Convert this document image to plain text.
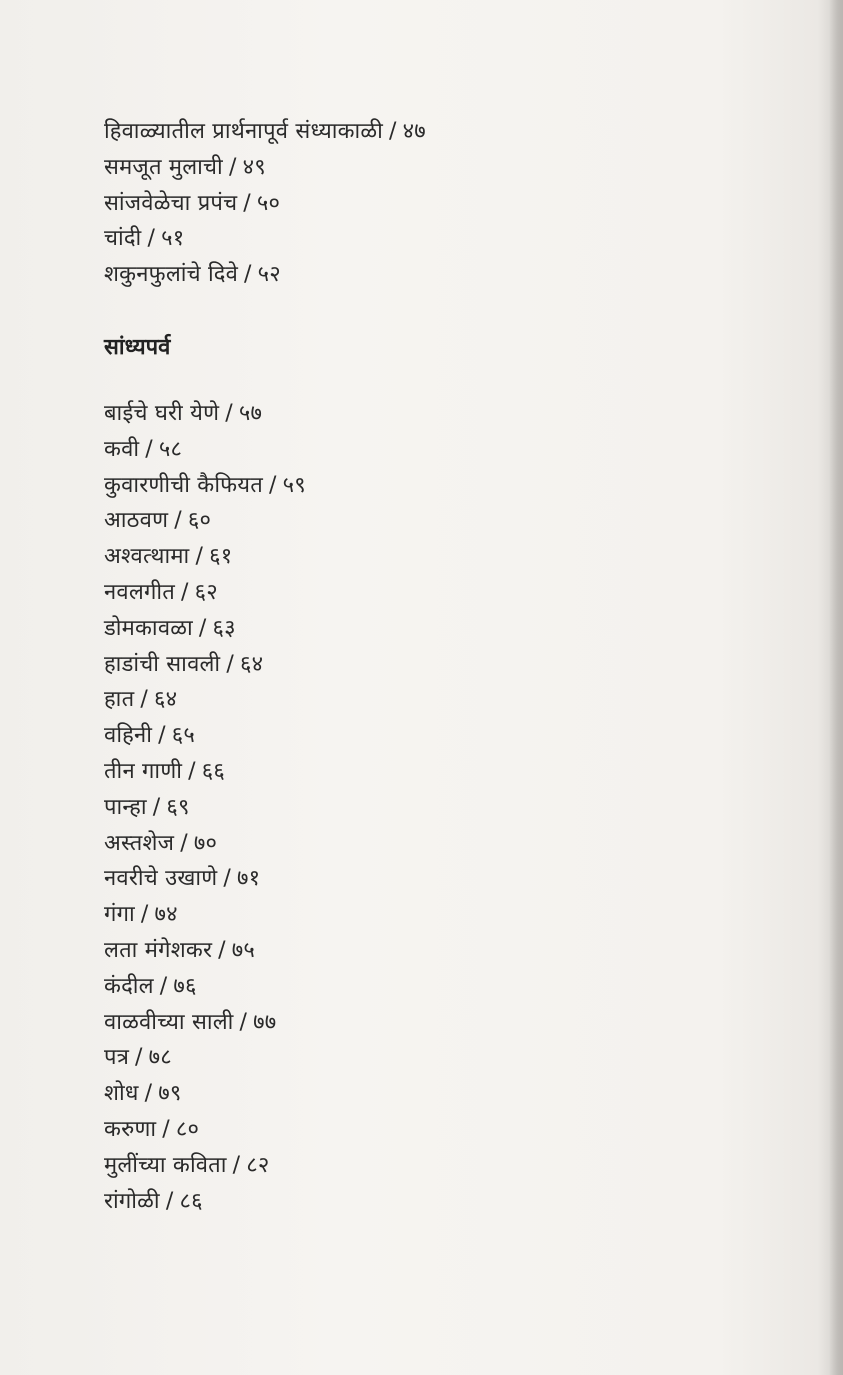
हिवाळ्यातील प्रार्थनापूर्व संध्याकाळी / ४७
समजूत मुलाची / ४९
सांजवेळेचा प्रपंच / ५०
चांदी / ५१
शकुनफुलांचे दिवे / ५२
सांध्यपर्व
बाईचे घरी येणे / ५७
कवी / ५८
कुवारणीची कैफियत / ५९
आठवण / ६०
अश्वत्थामा / ६१
नवलगीत / ६२
डोमकावळा / ६३
हाडांची सावली / ६४
हात / ६४
वहिनी / ६५
तीन गाणी / ६६
पान्हा / ६९
अस्तशेज / ७०
नवरीचे उखाणे / ७१
गंगा / ७४
लता मंगेशकर / ७५
कंदील / ७६
वाळवीच्या साली / ७७
पत्र / ७८
शोध / ७९
करुणा / ८०
मुलींच्या कविता / ८२
रांगोळी / ८६
